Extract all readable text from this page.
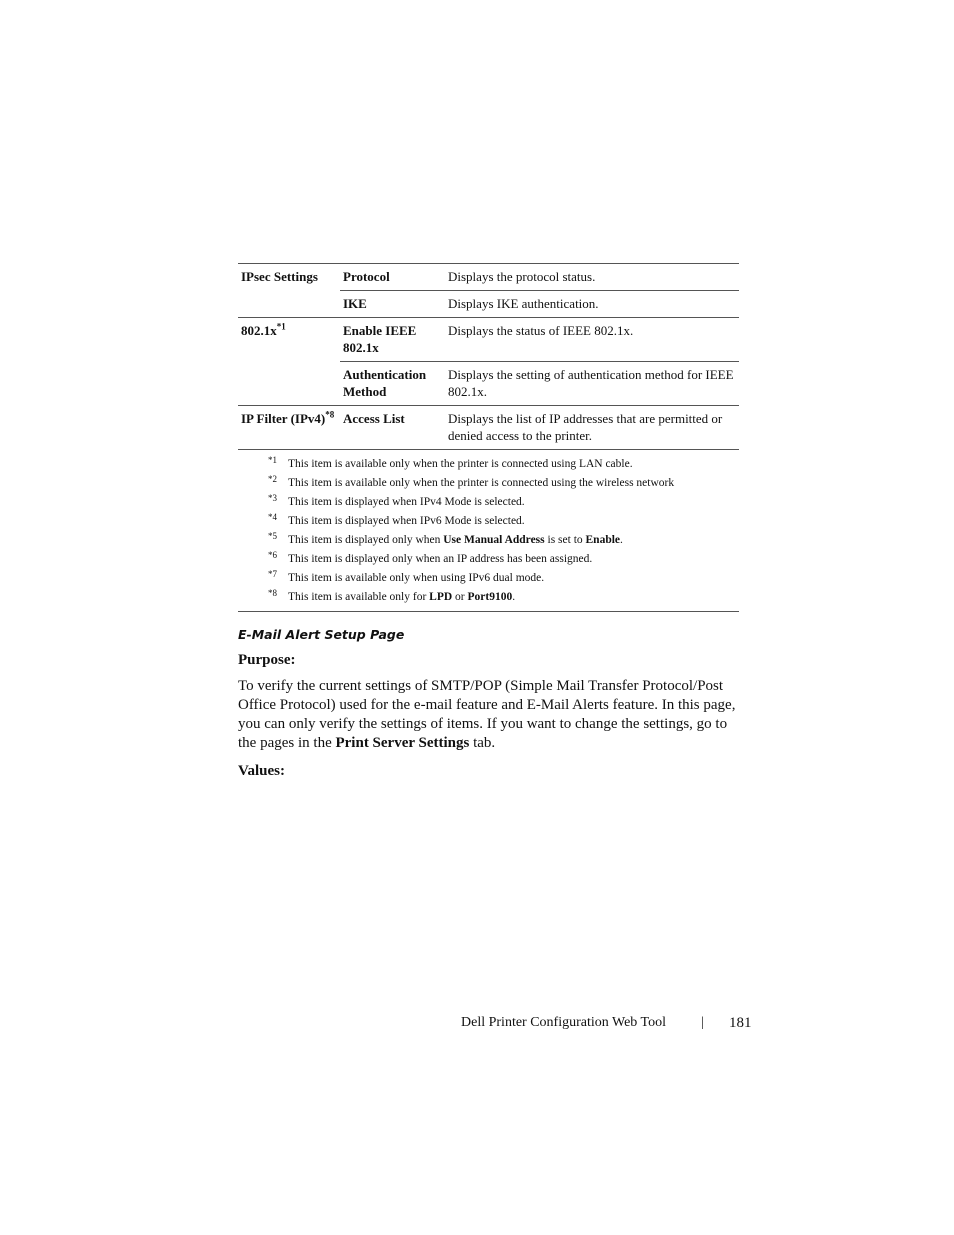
IPsec Settings	Protocol	Displays the protocol status.
	IKE	Displays IKE authentication.
$802.1x^{*1}$	Enable IEEE 802.1x	Displays the status of IEEE 802.1x.
	Authentication Method	Displays the setting of authentication method for IEEE 802.1x.
IP Filter $(IPv4)^{*8}$	Access List	Displays the list of IP addresses that are permitted or denied access to the printer.
*1 This item is available only when the printer is connected using LAN cable.
*2 This item is available only when the printer is connected using the wireless network
*3 This item is displayed when IPv4 Mode is selected.
*4 This item is displayed when IPv6 Mode is selected.
*5 This item is displayed only when Use Manual Address is set to Enable.
*6 This item is displayed only when an IP address has been assigned.
*7 This item is available only when using IPv6 dual mode.
*8 This item is available only for LPD or Port9100.
E-Mail Alert Setup Page
Purpose:
To verify the current settings of SMTP/POP (Simple Mail Transfer Protocol/Post Office Protocol) used for the e-mail feature and E-Mail Alerts feature. In this page, you can only verify the settings of items. If you want to change the settings, go to the pages in the Print Server Settings tab.
Values:
Dell Printer Configuration Web Tool | 181
